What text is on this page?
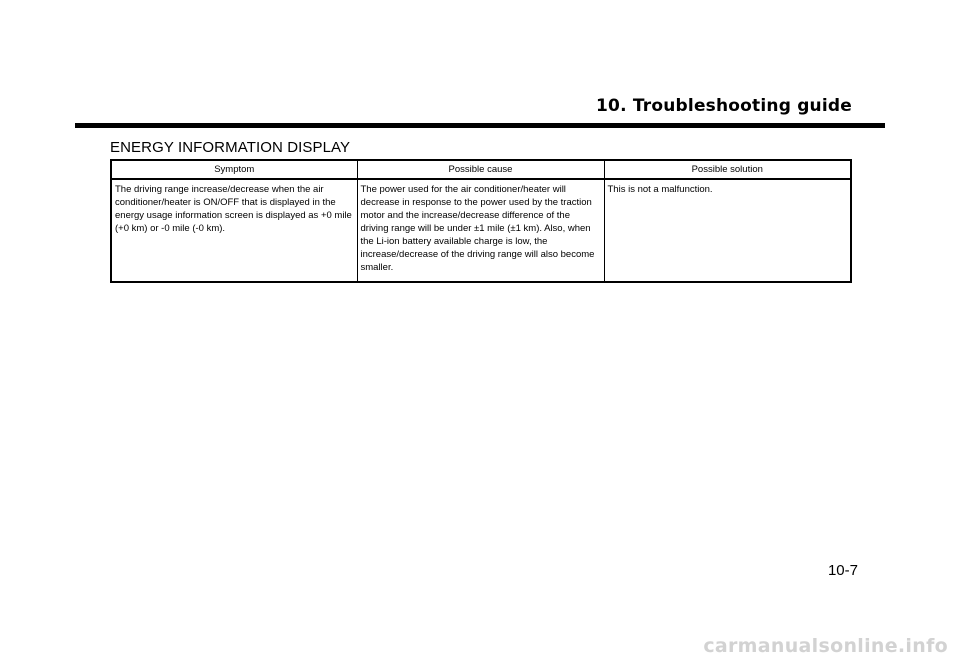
10. Troubleshooting guide
ENERGY INFORMATION DISPLAY
Symptom	Possible cause	Possible solution
The driving range increase/decrease when the air conditioner/heater is ON/OFF that is displayed in the energy usage information screen is displayed as +0 mile (+0 km) or -0 mile (-0 km).	The power used for the air conditioner/heater will decrease in response to the power used by the traction motor and the increase/decrease difference of the driving range will be under ±1 mile (±1 km). Also, when the Li-ion battery available charge is low, the increase/decrease of the driving range will also become smaller.	This is not a malfunction.

10-7

carmanualsonline.info
